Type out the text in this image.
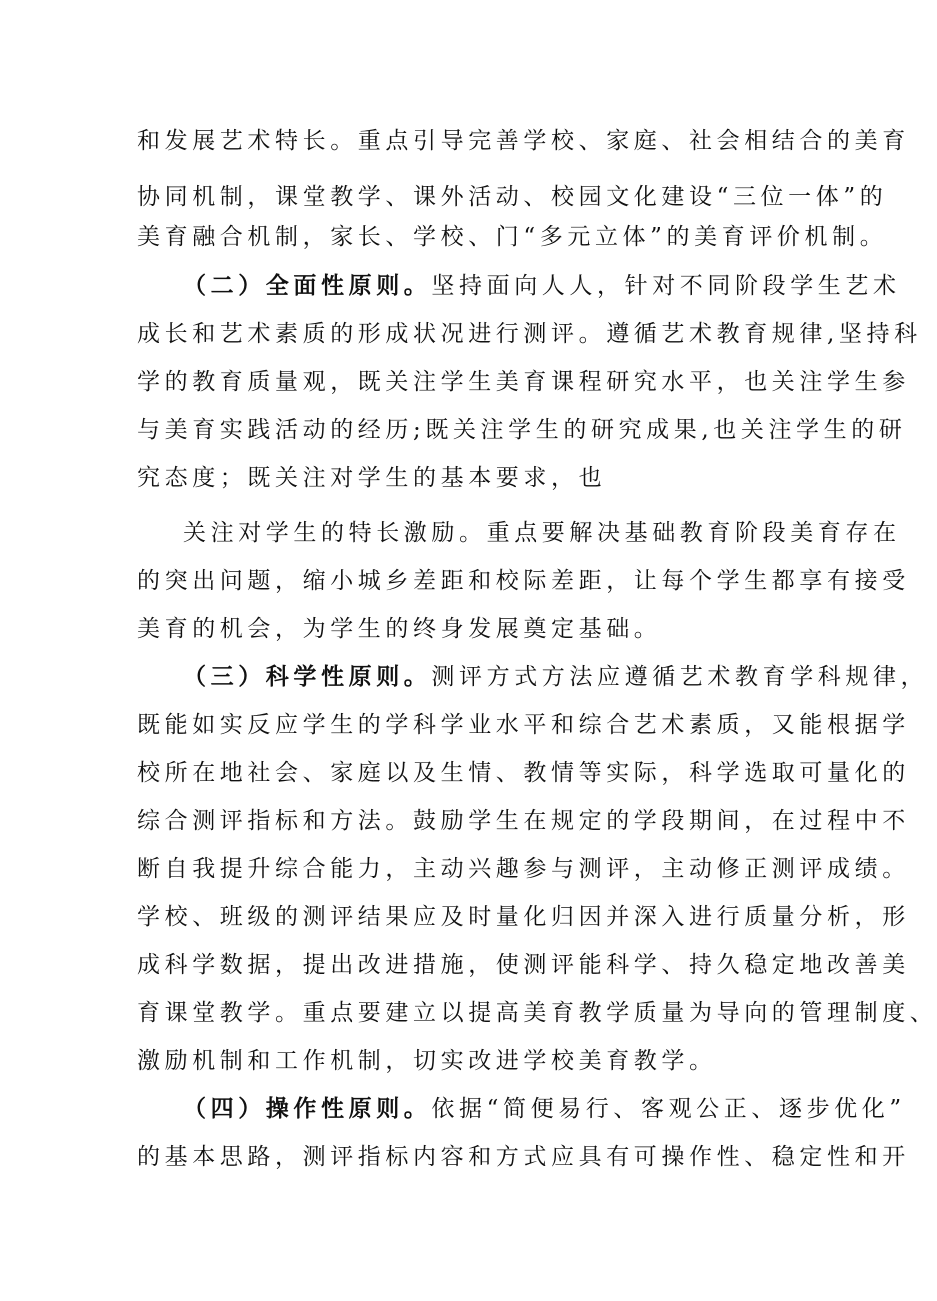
和发展艺术特长。重点引导完善学校、家庭、社会相结合的美育
协同机制，课堂教学、课外活动、校园文化建设“三位一体”的
美育融合机制，家长、学校、门“多元立体”的美育评价机制。
（二）全面性原则。坚持面向人人，针对不同阶段学生艺术
成长和艺术素质的形成状况进行测评。遵循艺术教育规律,坚持科
学的教育质量观，既关注学生美育课程研究水平，也关注学生参
与美育实践活动的经历;既关注学生的研究成果,也关注学生的研
究态度；既关注对学生的基本要求，也
关注对学生的特长激励。重点要解决基础教育阶段美育存在
的突出问题，缩小城乡差距和校际差距，让每个学生都享有接受
美育的机会，为学生的终身发展奠定基础。
（三）科学性原则。测评方式方法应遵循艺术教育学科规律，
既能如实反应学生的学科学业水平和综合艺术素质，又能根据学
校所在地社会、家庭以及生情、教情等实际，科学选取可量化的
综合测评指标和方法。鼓励学生在规定的学段期间，在过程中不
断自我提升综合能力，主动兴趣参与测评，主动修正测评成绩。
学校、班级的测评结果应及时量化归因并深入进行质量分析，形
成科学数据，提出改进措施，使测评能科学、持久稳定地改善美
育课堂教学。重点要建立以提高美育教学质量为导向的管理制度、
激励机制和工作机制，切实改进学校美育教学。
（四）操作性原则。依据“简便易行、客观公正、逐步优化”
的基本思路，测评指标内容和方式应具有可操作性、稳定性和开
